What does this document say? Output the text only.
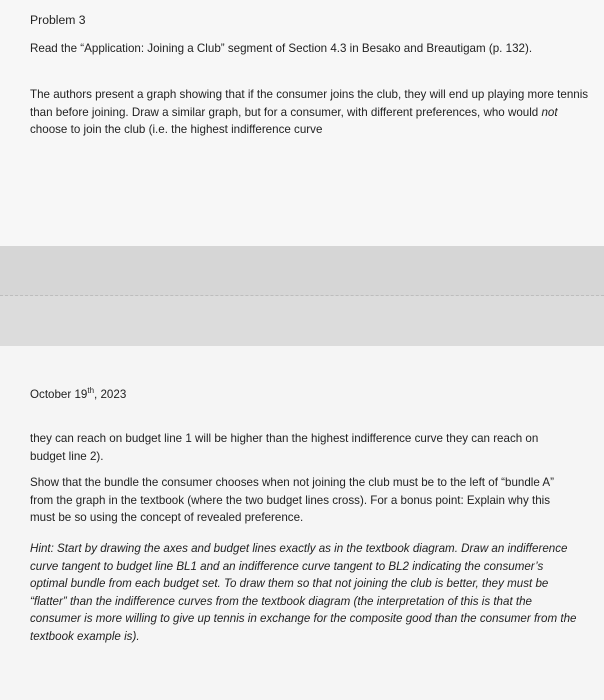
Problem 3

Read the “Application: Joining a Club” segment of Section 4.3 in Besako and Breautigam (p. 132).

The authors present a graph showing that if the consumer joins the club, they will end up playing more tennis than before joining. Draw a similar graph, but for a consumer, with different preferences, who would not choose to join the club (i.e. the highest indifference curve

October 19th, 2023

they can reach on budget line 1 will be higher than the highest indifference curve they can reach on budget line 2).

Show that the bundle the consumer chooses when not joining the club must be to the left of “bundle A” from the graph in the textbook (where the two budget lines cross). For a bonus point: Explain why this must be so using the concept of revealed preference.

Hint: Start by drawing the axes and budget lines exactly as in the textbook diagram. Draw an indifference curve tangent to budget line BL1 and an indifference curve tangent to BL2 indicating the consumer’s optimal bundle from each budget set. To draw them so that not joining the club is better, they must be “flatter” than the indifference curves from the textbook diagram (the interpretation of this is that the consumer is more willing to give up tennis in exchange for the composite good than the consumer from the textbook example is).
